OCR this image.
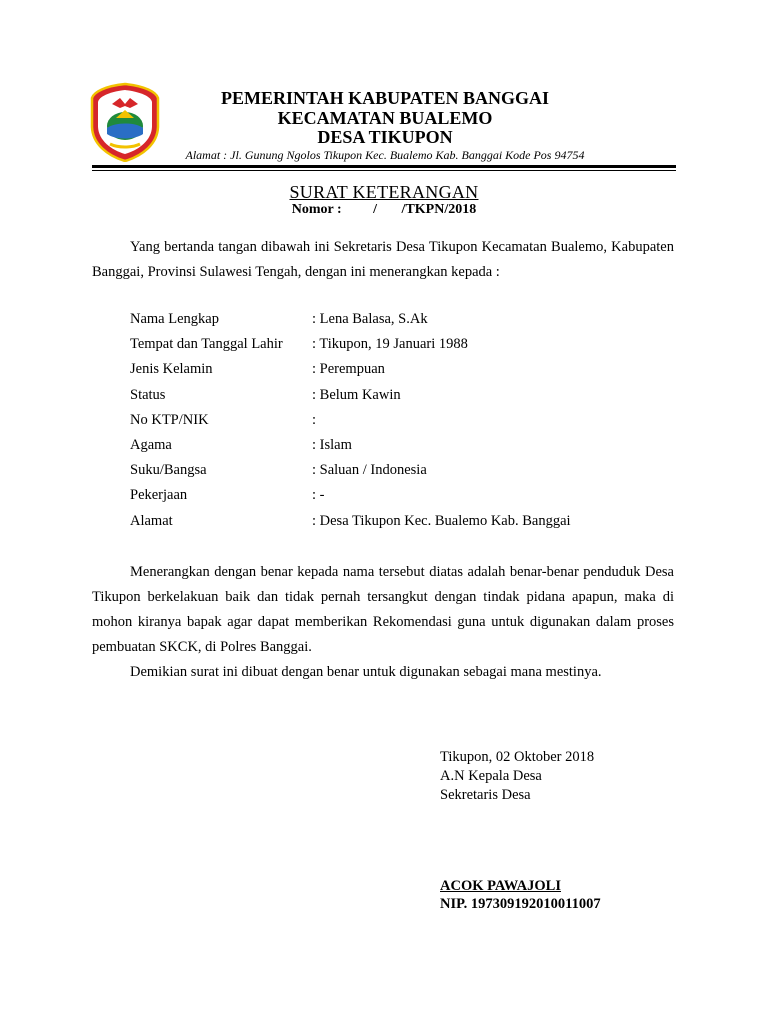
PEMERINTAH KABUPATEN BANGGAI
KECAMATAN BUALEMO
DESA TIKUPON
Alamat : Jl. Gunung Ngolos Tikupon Kec. Bualemo Kab. Banggai Kode Pos 94754
SURAT KETERANGAN
Nomor :         /       /TKPN/2018
Yang bertanda tangan dibawah ini Sekretaris Desa Tikupon Kecamatan Bualemo, Kabupaten Banggai, Provinsi Sulawesi Tengah, dengan ini menerangkan kepada :
Nama Lengkap	: Lena Balasa, S.Ak
Tempat dan Tanggal Lahir	: Tikupon, 19 Januari 1988
Jenis Kelamin	: Perempuan
Status	: Belum Kawin
No KTP/NIK	:
Agama	: Islam
Suku/Bangsa	: Saluan / Indonesia
Pekerjaan	: -
Alamat	: Desa Tikupon Kec. Bualemo Kab. Banggai
Menerangkan dengan benar kepada nama tersebut diatas adalah benar-benar penduduk Desa Tikupon berkelakuan baik dan tidak pernah tersangkut dengan tindak pidana apapun, maka di mohon kiranya bapak agar dapat memberikan Rekomendasi guna untuk digunakan dalam proses pembuatan SKCK, di Polres Banggai.
Demikian surat ini dibuat dengan benar untuk digunakan sebagai mana mestinya.
Tikupon, 02 Oktober 2018
A.N Kepala Desa
Sekretaris Desa
ACOK PAWAJOLI
NIP. 197309192010011007
